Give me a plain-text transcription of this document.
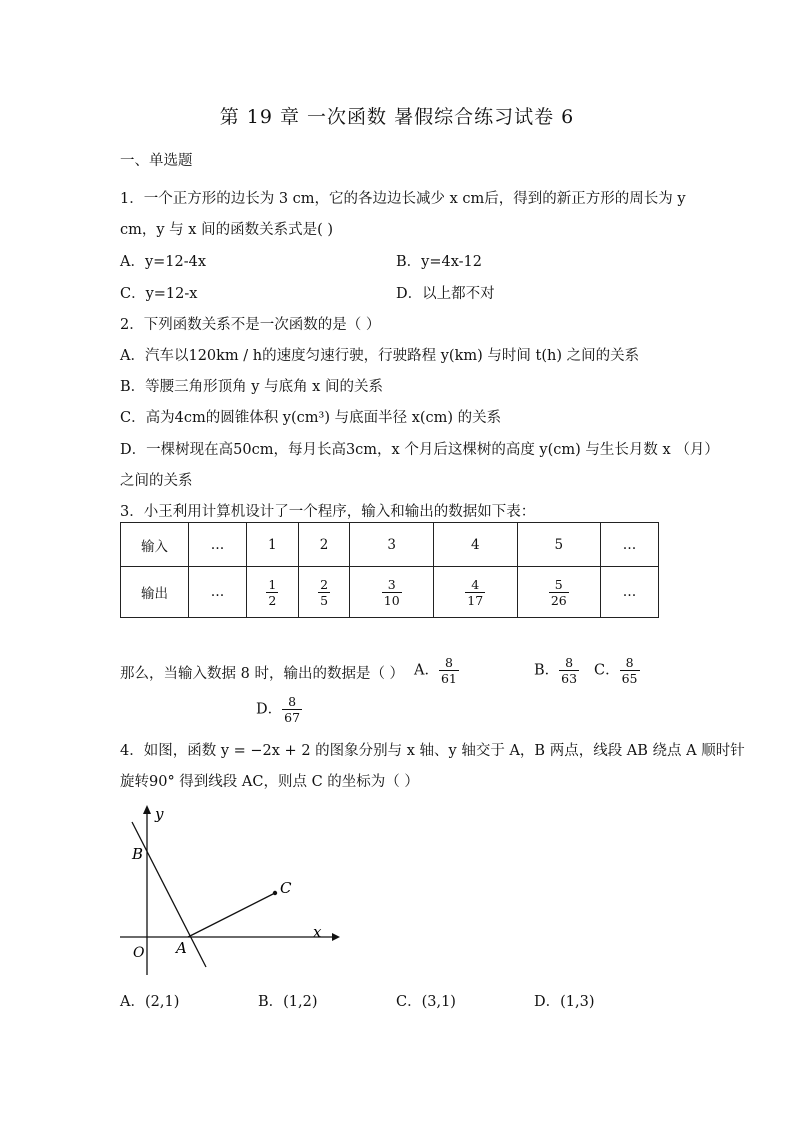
第 19 章 一次函数 暑假综合练习试卷 6
一、单选题
1．一个正方形的边长为 3 cm，它的各边边长减少 x cm后，得到的新正方形的周长为 y
cm，y 与 x 间的函数关系式是( )
A．y=12-4x	B．y=4x-12
C．y=12-x	D．以上都不对
2．下列函数关系不是一次函数的是（ ）
A．汽车以120km / h的速度匀速行驶，行驶路程 y(km) 与时间 t(h) 之间的关系
B．等腰三角形顶角 y 与底角 x 间的关系
C．高为4cm的圆锥体积 y(cm³) 与底面半径 x(cm) 的关系
D．一棵树现在高50cm，每月长高3cm，x 个月后这棵树的高度 y(cm) 与生长月数 x （月）
之间的关系
3．小王利用计算机设计了一个程序，输入和输出的数据如下表：
输入	…	1	2	3	4	5	…
输出	…	$\frac{1}{2}$	$\frac{2}{5}$	$\frac{3}{10}$	$\frac{4}{17}$	$\frac{5}{26}$	…
那么，当输入数据 8 时，输出的数据是（ ） A． $\frac{8}{61}$	B． $\frac{8}{63}$ C． $\frac{8}{65}$
D． $\frac{8}{67}$
4．如图，函数 y = −2x + 2 的图象分别与 x 轴、y 轴交于 A，B 两点，线段 AB 绕点 A 顺时针
旋转90° 得到线段 AC，则点 C 的坐标为（ ）
y
x
O
B
A
C
A．(2,1)	B．(1,2)	C．(3,1)	D．(1,3)
